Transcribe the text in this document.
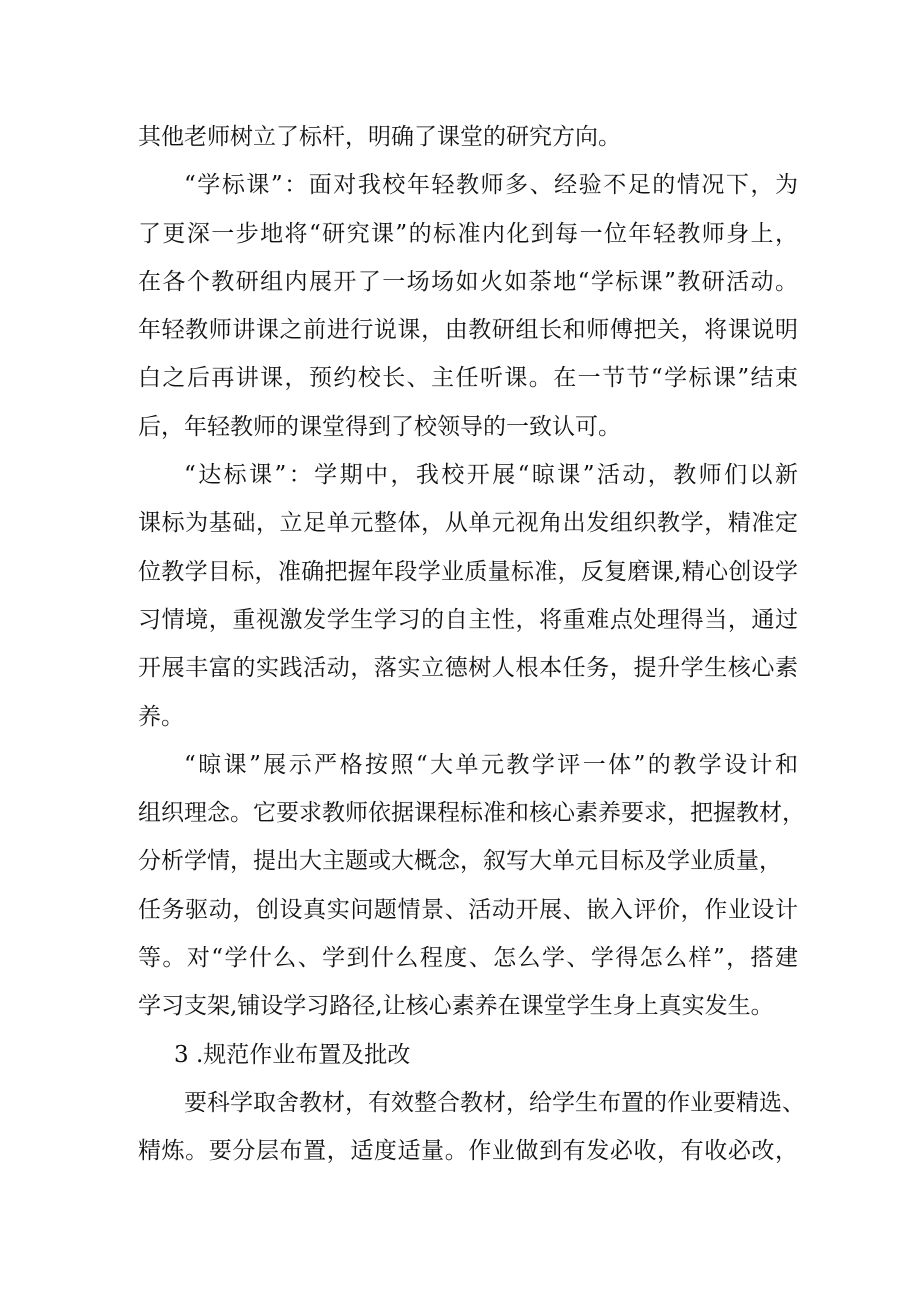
其他老师树立了标杆，明确了课堂的研究方向。
“学标课”：面对我校年轻教师多、经验不足的情况下，为
了更深一步地将“研究课”的标准内化到每一位年轻教师身上，
在各个教研组内展开了一场场如火如荼地“学标课”教研活动。
年轻教师讲课之前进行说课，由教研组长和师傅把关，将课说明
白之后再讲课，预约校长、主任听课。在一节节“学标课”结束
后，年轻教师的课堂得到了校领导的一致认可。
“达标课”：学期中，我校开展“晾课”活动，教师们以新
课标为基础，立足单元整体，从单元视角出发组织教学，精准定
位教学目标，准确把握年段学业质量标准，反复磨课,精心创设学
习情境，重视激发学生学习的自主性，将重难点处理得当，通过
开展丰富的实践活动，落实立德树人根本任务，提升学生核心素
养。
“晾课”展示严格按照“大单元教学评一体”的教学设计和
组织理念。它要求教师依据课程标准和核心素养要求，把握教材，
分析学情，提出大主题或大概念，叙写大单元目标及学业质量，
任务驱动，创设真实问题情景、活动开展、嵌入评价，作业设计
等。对“学什么、学到什么程度、怎么学、学得怎么样”，搭建
学习支架,铺设学习路径,让核心素养在课堂学生身上真实发生。
3 .规范作业布置及批改
要科学取舍教材，有效整合教材，给学生布置的作业要精选、
精炼。要分层布置，适度适量。作业做到有发必收，有收必改，
